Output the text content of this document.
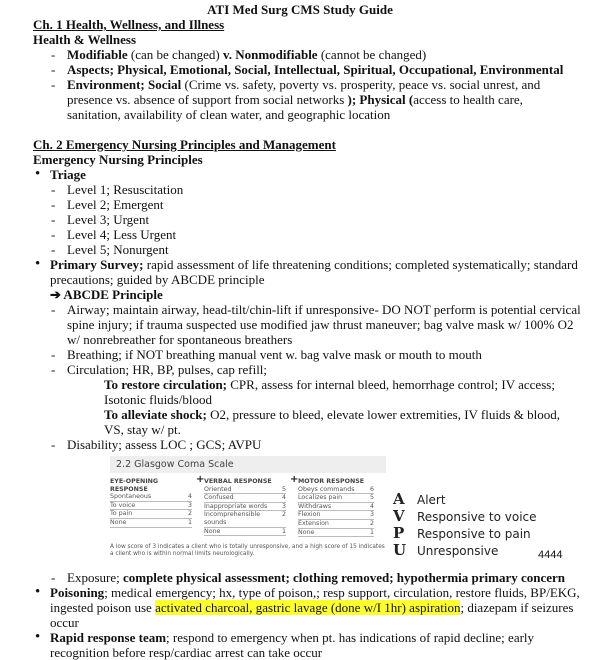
ATI Med Surg CMS Study Guide
Ch. 1 Health, Wellness, and Illness
Health & Wellness
- Modifiable (can be changed) v. Nonmodifiable (cannot be changed)
- Aspects; Physical, Emotional, Social, Intellectual, Spiritual, Occupational, Environmental
- Environment; Social (Crime vs. safety, poverty vs. prosperity, peace vs. social unrest, and presence vs. absence of support from social networks ); Physical (access to health care, sanitation, availability of clean water, and geographic location
Ch. 2 Emergency Nursing Principles and Management
Emergency Nursing Principles
• Triage
- Level 1; Resuscitation
- Level 2; Emergent
- Level 3; Urgent
- Level 4; Less Urgent
- Level 5; Nonurgent
• Primary Survey; rapid assessment of life threatening conditions; completed systematically; standard precautions; guided by ABCDE principle
➔ ABCDE Principle
- Airway; maintain airway, head-tilt/chin-lift if unresponsive- DO NOT perform is potential cervical spine injury; if trauma suspected use modified jaw thrust maneuver; bag valve mask w/ 100% O2 w/ nonrebreather for spontaneous breathers
- Breathing; if NOT breathing manual vent w. bag valve mask or mouth to mouth
- Circulation; HR, BP, pulses, cap refill;
To restore circulation; CPR, assess for internal bleed, hemorrhage control; IV access; Isotonic fluids/blood
To alleviate shock; O2, pressure to bleed, elevate lower extremities, IV fluids & blood, VS, stay w/ pt.
- Disability; assess LOC ; GCS; AVPU
2.2 Glasgow Coma Scale
EYE-OPENING RESPONSE
Spontaneous	4
To voice	3
To pain	2
None	1
+ VERBAL RESPONSE
Oriented	5
Confused	4
Inappropriate words 3
Incomprehensible sounds
2
None	1
+ MOTOR RESPONSE
Obeys commands 6
Localizes pain	5
Withdraws	4
Flexion	3
Extension	2
None	1
A low score of 3 indicates a client who is totally unresponsive, and a high score of 15 indicates a client who is within normal limits neurologically.
A	Alert
V	Responsive to voice
P	Responsive to pain
U Unresponsive	4444
- Exposure; complete physical assessment; clothing removed; hypothermia primary concern
• Poisoning; medical emergency; hx, type of poison,; resp support, circulation, restore fluids, BP/EKG, ingested poison use activated charcoal, gastric lavage (done w/I 1hr) aspiration; diazepam if seizures occur
• Rapid response team; respond to emergency when pt. has indications of rapid decline; early recognition before resp/cardiac arrest can take occur
